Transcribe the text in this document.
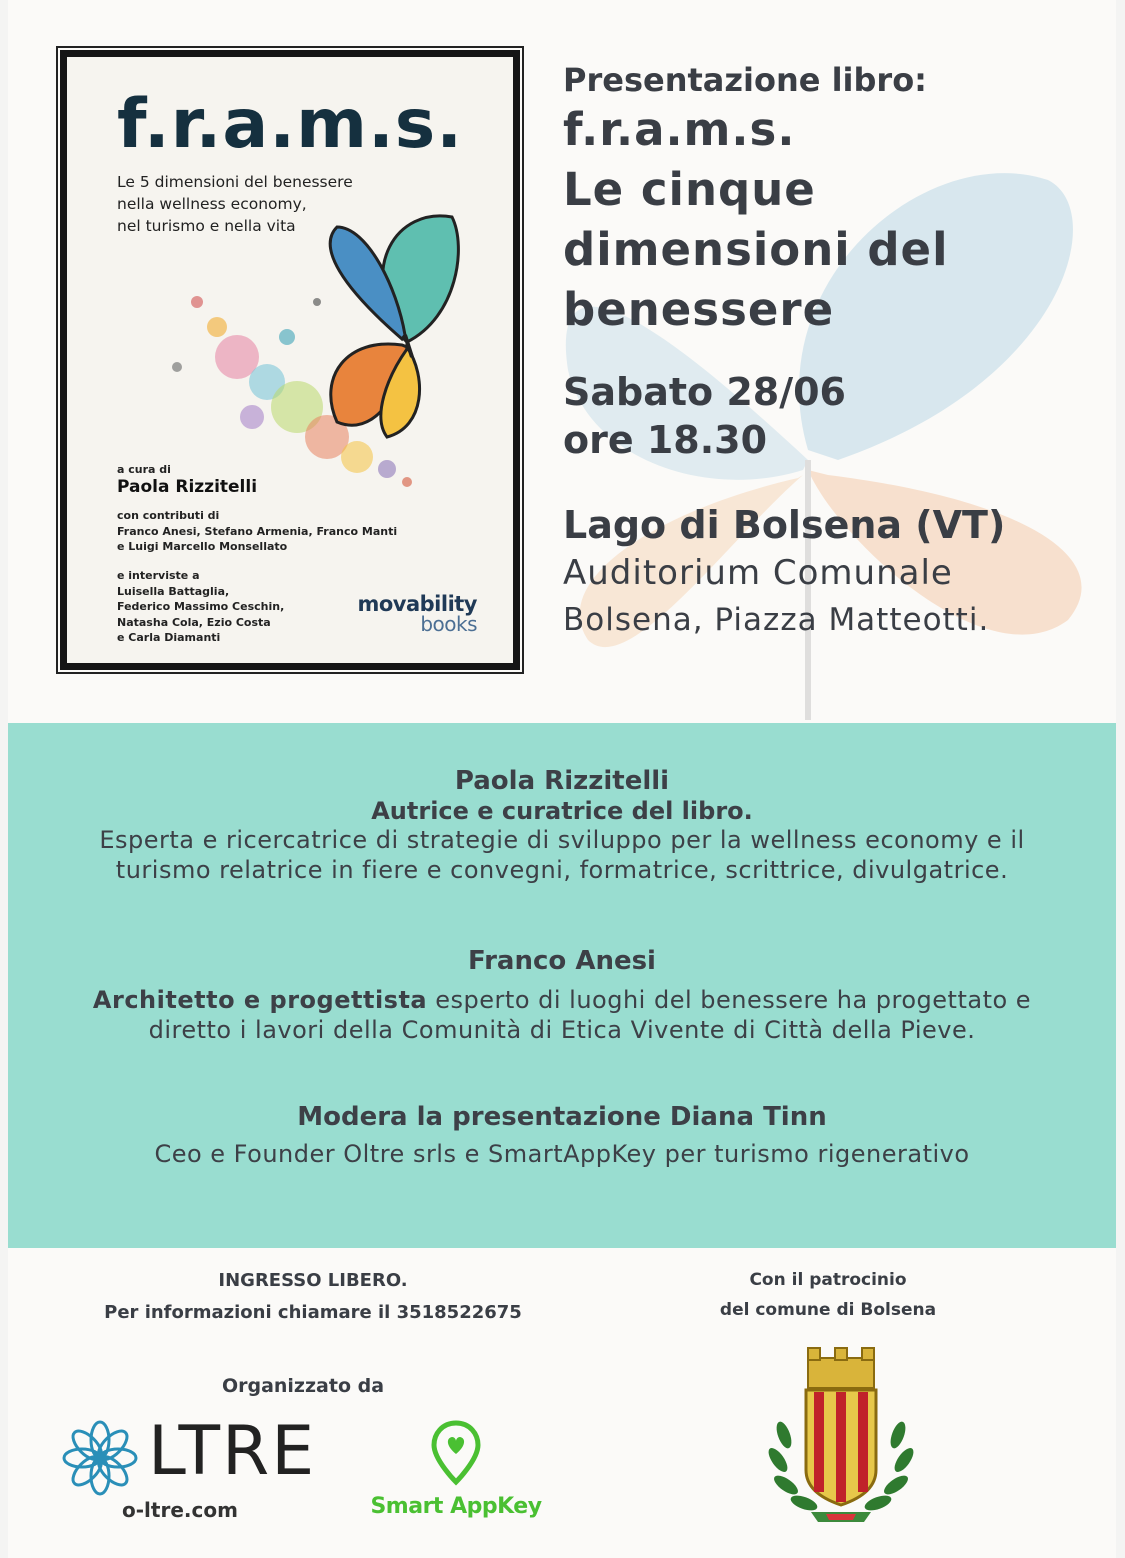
f.r.a.m.s.
Le 5 dimensioni del benessere
nella wellness economy,
nel turismo e nella vita
a cura di
Paola Rizzitelli
con contributi di
Franco Anesi, Stefano Armenia, Franco Manti
e Luigi Marcello Monsellato
e interviste a
Luisella Battaglia,
Federico Massimo Ceschin,
Natasha Cola, Ezio Costa
e Carla Diamanti
movability
books
Presentazione libro:
f.r.a.m.s.
Le cinque
dimensioni del
benessere
Sabato 28/06
ore 18.30
Lago di Bolsena (VT)
Auditorium Comunale
Bolsena, Piazza Matteotti.
Paola Rizzitelli
Autrice e curatrice del libro.
Esperta e ricercatrice di strategie di sviluppo per la wellness economy e il turismo relatrice in fiere e convegni, formatrice, scrittrice, divulgatrice.
Franco Anesi
Architetto e progettista esperto di luoghi del benessere ha progettato e diretto i lavori della Comunità di Etica Vivente di Città della Pieve.
Modera la presentazione Diana Tinn
Ceo e Founder Oltre srls e SmartAppKey per turismo rigenerativo
INGRESSO LIBERO.
Per informazioni chiamare il 3518522675
Con il patrocinio
del comune di Bolsena
Organizzato da
LTRE
o-ltre.com	Smart AppKey
